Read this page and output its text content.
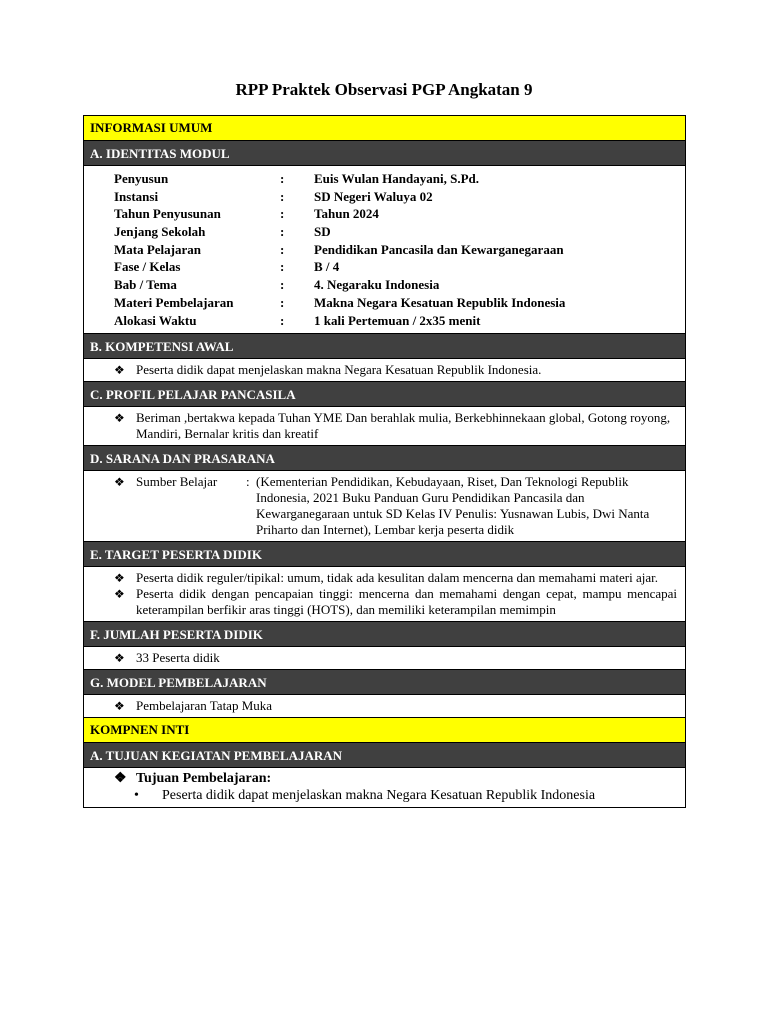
RPP Praktek Observasi PGP Angkatan 9
INFORMASI UMUM
A. IDENTITAS MODUL
Penyusun	:	Euis Wulan Handayani, S.Pd.
Instansi	:	SD Negeri Waluya 02
Tahun Penyusunan	:	Tahun 2024
Jenjang Sekolah	:	SD
Mata Pelajaran	:	Pendidikan Pancasila dan Kewarganegaraan
Fase / Kelas	:	B / 4
Bab / Tema	:	4. Negaraku Indonesia
Materi Pembelajaran	:	Makna Negara Kesatuan Republik Indonesia
Alokasi Waktu	:	1 kali Pertemuan / 2x35 menit
B. KOMPETENSI AWAL
❖ Peserta didik dapat menjelaskan makna Negara Kesatuan Republik Indonesia.
C. PROFIL PELAJAR PANCASILA
❖ Beriman ,bertakwa kepada Tuhan YME Dan berahlak mulia, Berkebhinnekaan global, Gotong royong, Mandiri, Bernalar kritis dan kreatif
D. SARANA DAN PRASARANA
❖ Sumber Belajar	: (Kementerian Pendidikan, Kebudayaan, Riset, Dan Teknologi Republik Indonesia, 2021 Buku Panduan Guru Pendidikan Pancasila dan Kewarganegaraan untuk SD Kelas IV Penulis: Yusnawan Lubis, Dwi Nanta Priharto dan Internet), Lembar kerja peserta didik
E. TARGET PESERTA DIDIK
❖ Peserta didik reguler/tipikal: umum, tidak ada kesulitan dalam mencerna dan memahami materi ajar.
❖ Peserta didik dengan pencapaian tinggi: mencerna dan memahami dengan cepat, mampu mencapai keterampilan berfikir aras tinggi (HOTS), dan memiliki keterampilan memimpin
F. JUMLAH PESERTA DIDIK
❖ 33 Peserta didik
G. MODEL PEMBELAJARAN
❖ Pembelajaran Tatap Muka
KOMPNEN INTI
A. TUJUAN KEGIATAN PEMBELAJARAN
❖ Tujuan Pembelajaran:
•	Peserta didik dapat menjelaskan makna Negara Kesatuan Republik Indonesia
